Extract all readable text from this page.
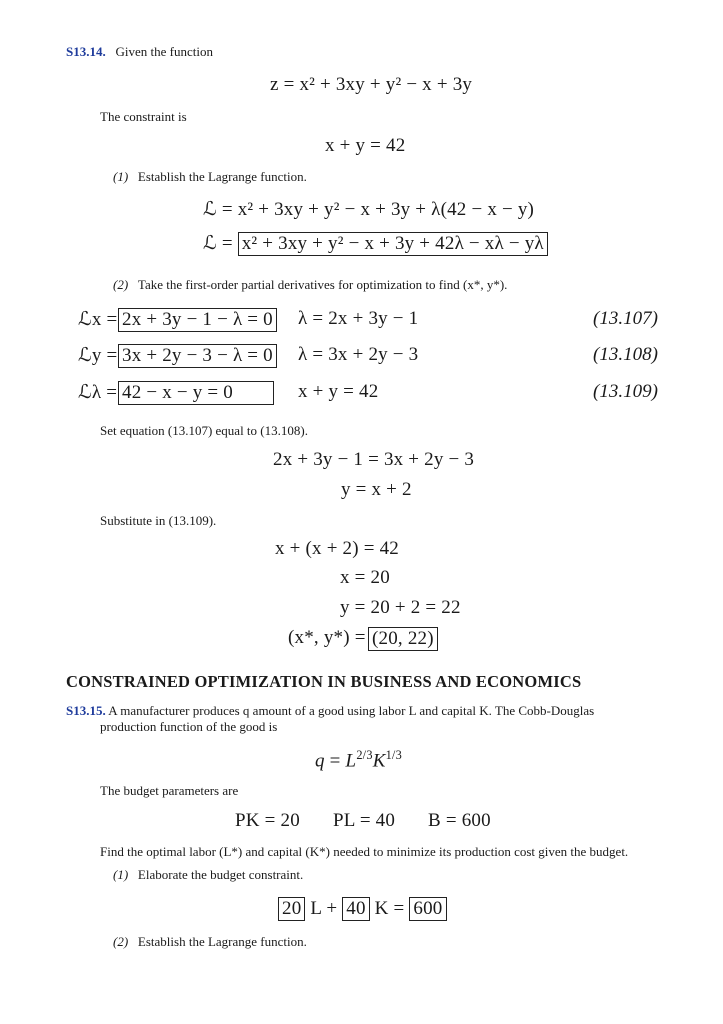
S13.14. Given the function
z = x² + 3xy + y² − x + 3y
The constraint is
x + y = 42
(1) Establish the Lagrange function.
ℒ = x² + 3xy + y² − x + 3y + λ(42 − x − y)
ℒ = x² + 3xy + y² − x + 3y + 42λ − xλ − yλ
(2) Take the first-order partial derivatives for optimization to find (x*, y*).
ℒx = 2x + 3y − 1 − λ = 0 λ = 2x + 3y − 1	(13.107)
ℒy = 3x + 2y − 3 − λ = 0 λ = 3x + 2y − 3	(13.108)
ℒλ = 42 − x − y = 0	x + y = 42	(13.109)
Set equation (13.107) equal to (13.108).
2x + 3y − 1 = 3x + 2y − 3
y = x + 2
Substitute in (13.109).
x + (x + 2) = 42
x = 20
y = 20 + 2 = 22
(x*, y*) = (20, 22)
CONSTRAINED OPTIMIZATION IN BUSINESS AND ECONOMICS
S13.15. A manufacturer produces q amount of a good using labor L and capital K. The Cobb-Douglas
production function of the good is
$q = L^{2/3}K^{1/3}$
The budget parameters are
PK = 20 PL = 40 B = 600
Find the optimal labor (L*) and capital (K*) needed to minimize its production cost given the budget.
(1) Elaborate the budget constraint.
20 L + 40 K = 600
(2) Establish the Lagrange function.
